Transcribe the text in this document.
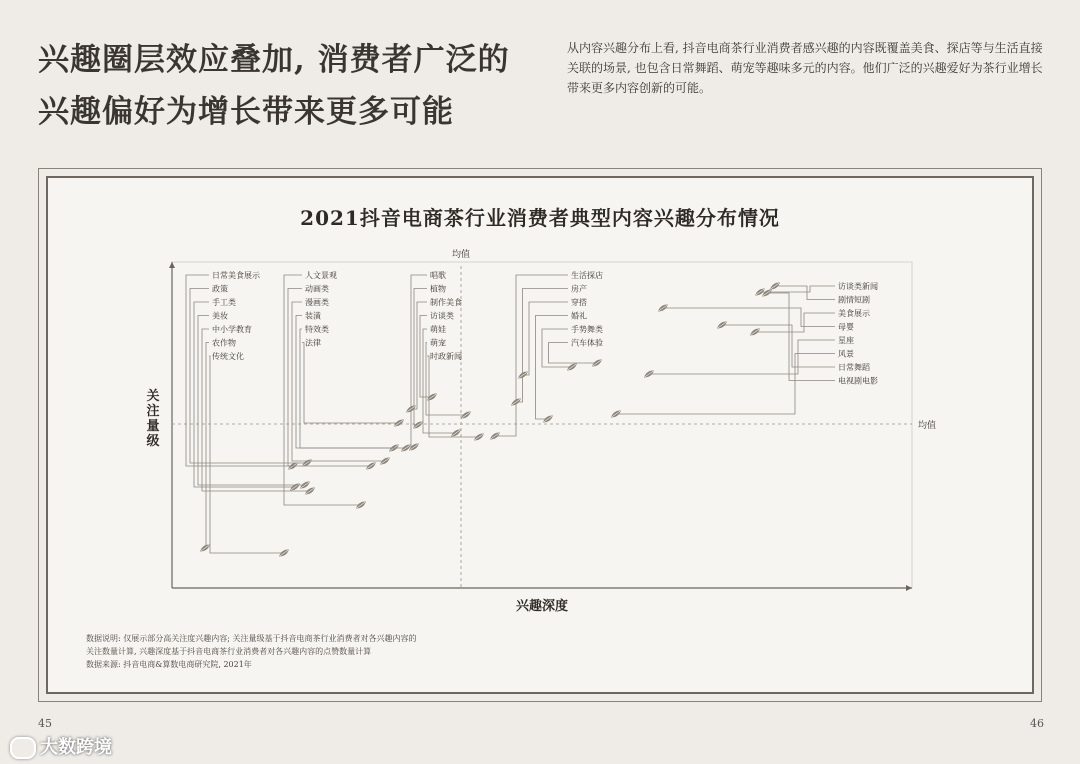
兴趣圈层效应叠加, 消费者广泛的
兴趣偏好为增长带来更多可能
从内容兴趣分布上看, 抖音电商茶行业消费者感兴趣的内容既覆盖美食、探店等与生活直接关联的场景, 也包含日常舞蹈、萌宠等趣味多元的内容。他们广泛的兴趣爱好为茶行业增长带来更多内容创新的可能。
2021抖音电商茶行业消费者典型内容兴趣分布情况
均值
均值
兴趣深度
关注量级
日常美食展示
政策
手工类
美妆
中小学教育
农作物
传统文化
人文景观
动画类
漫画类
装潢
特效类
法律
唱歌
植物
制作美食
访谈类
萌娃
萌宠
时政新闻
生活探店
房产
穿搭
婚礼
手势舞类
汽车体验
访谈类新闻
剧情短剧
美食展示
母婴
星座
风景
日常舞蹈
电视剧电影
数据说明: 仅展示部分高关注度兴趣内容; 关注量级基于抖音电商茶行业消费者对各兴趣内容的
关注数量计算, 兴趣深度基于抖音电商茶行业消费者对各兴趣内容的点赞数量计算
数据来源: 抖音电商&算数电商研究院, 2021年
45	46
大数跨境
